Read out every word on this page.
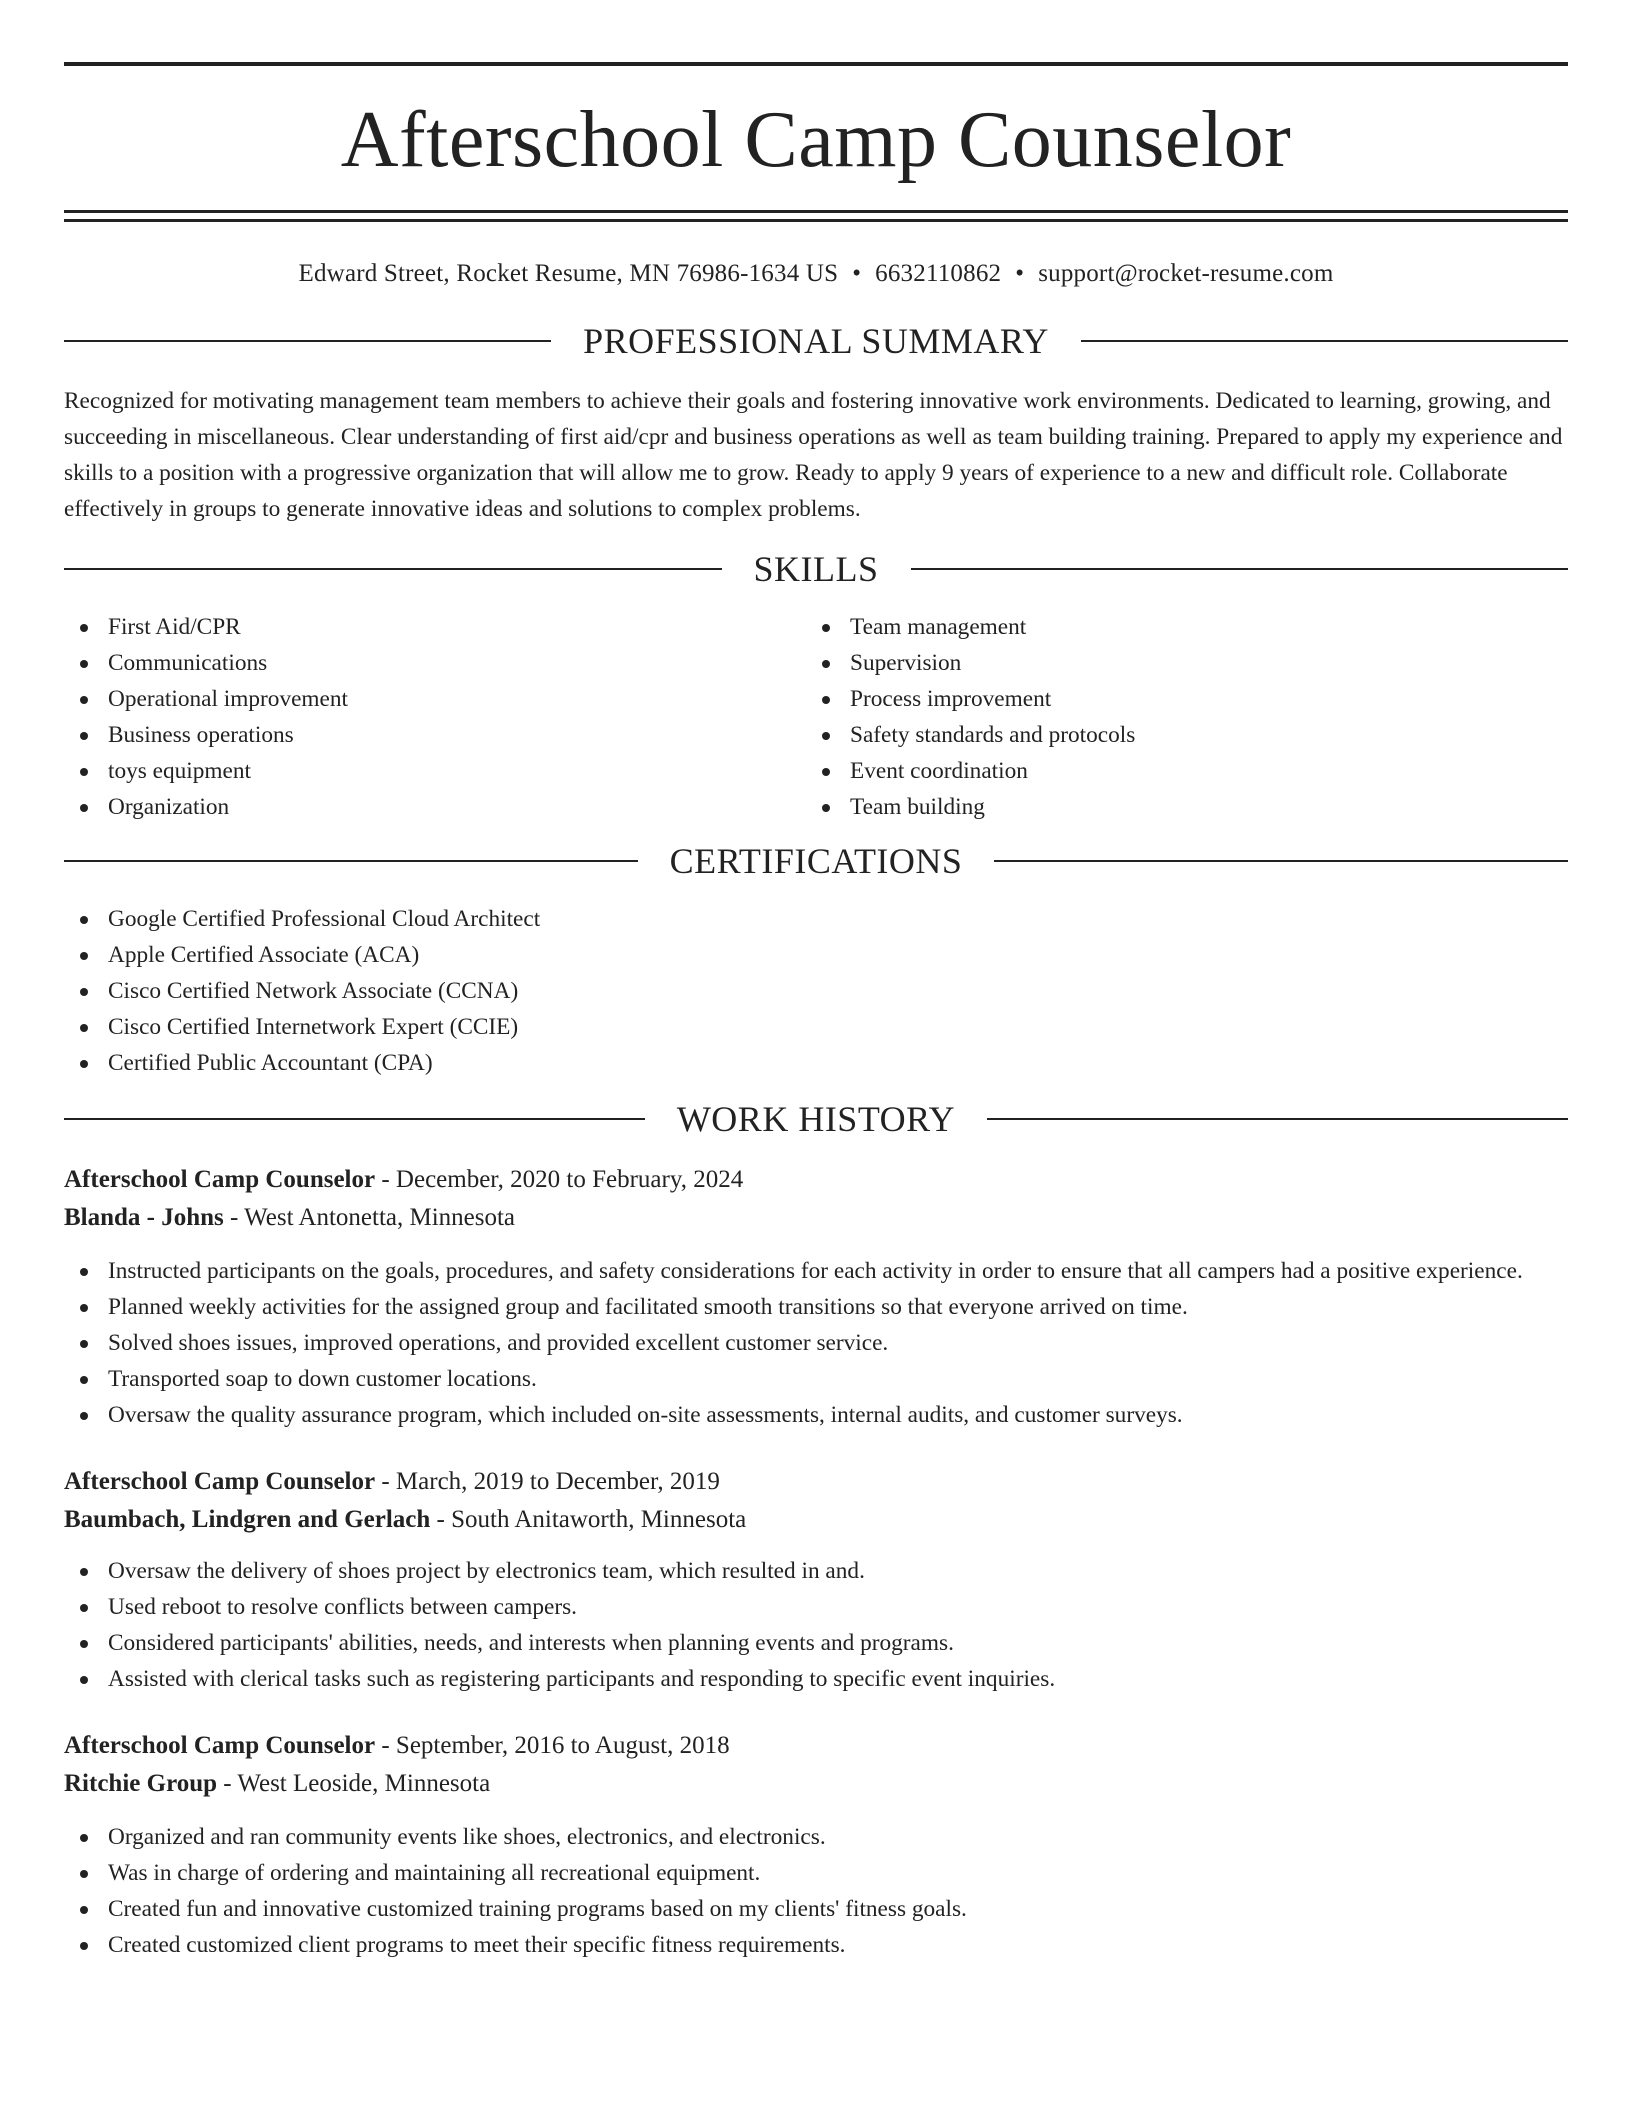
Afterschool Camp Counselor
Edward Street, Rocket Resume, MN 76986-1634 US • 6632110862 • support@rocket-resume.com
PROFESSIONAL SUMMARY

Recognized for motivating management team members to achieve their goals and fostering innovative work environments. Dedicated to learning, growing, and succeeding in miscellaneous. Clear understanding of first aid/cpr and business operations as well as team building training. Prepared to apply my experience and skills to a position with a progressive organization that will allow me to grow. Ready to apply 9 years of experience to a new and difficult role. Collaborate effectively in groups to generate innovative ideas and solutions to complex problems.

SKILLS
First Aid/CPR
Communications
Operational improvement
Business operations
toys equipment
Organization
Team management
Supervision
Process improvement
Safety standards and protocols
Event coordination
Team building
CERTIFICATIONS
Google Certified Professional Cloud Architect
Apple Certified Associate (ACA)
Cisco Certified Network Associate (CCNA)
Cisco Certified Internetwork Expert (CCIE)
Certified Public Accountant (CPA)
WORK HISTORY
Afterschool Camp Counselor - December, 2020 to February, 2024
Blanda - Johns - West Antonetta, Minnesota
Instructed participants on the goals, procedures, and safety considerations for each activity in order to ensure that all campers had a positive experience.
Planned weekly activities for the assigned group and facilitated smooth transitions so that everyone arrived on time.
Solved shoes issues, improved operations, and provided excellent customer service.
Transported soap to down customer locations.
Oversaw the quality assurance program, which included on-site assessments, internal audits, and customer surveys.
Afterschool Camp Counselor - March, 2019 to December, 2019
Baumbach, Lindgren and Gerlach - South Anitaworth, Minnesota
Oversaw the delivery of shoes project by electronics team, which resulted in and.
Used reboot to resolve conflicts between campers.
Considered participants' abilities, needs, and interests when planning events and programs.
Assisted with clerical tasks such as registering participants and responding to specific event inquiries.
Afterschool Camp Counselor - September, 2016 to August, 2018
Ritchie Group - West Leoside, Minnesota
Organized and ran community events like shoes, electronics, and electronics.
Was in charge of ordering and maintaining all recreational equipment.
Created fun and innovative customized training programs based on my clients' fitness goals.
Created customized client programs to meet their specific fitness requirements.
